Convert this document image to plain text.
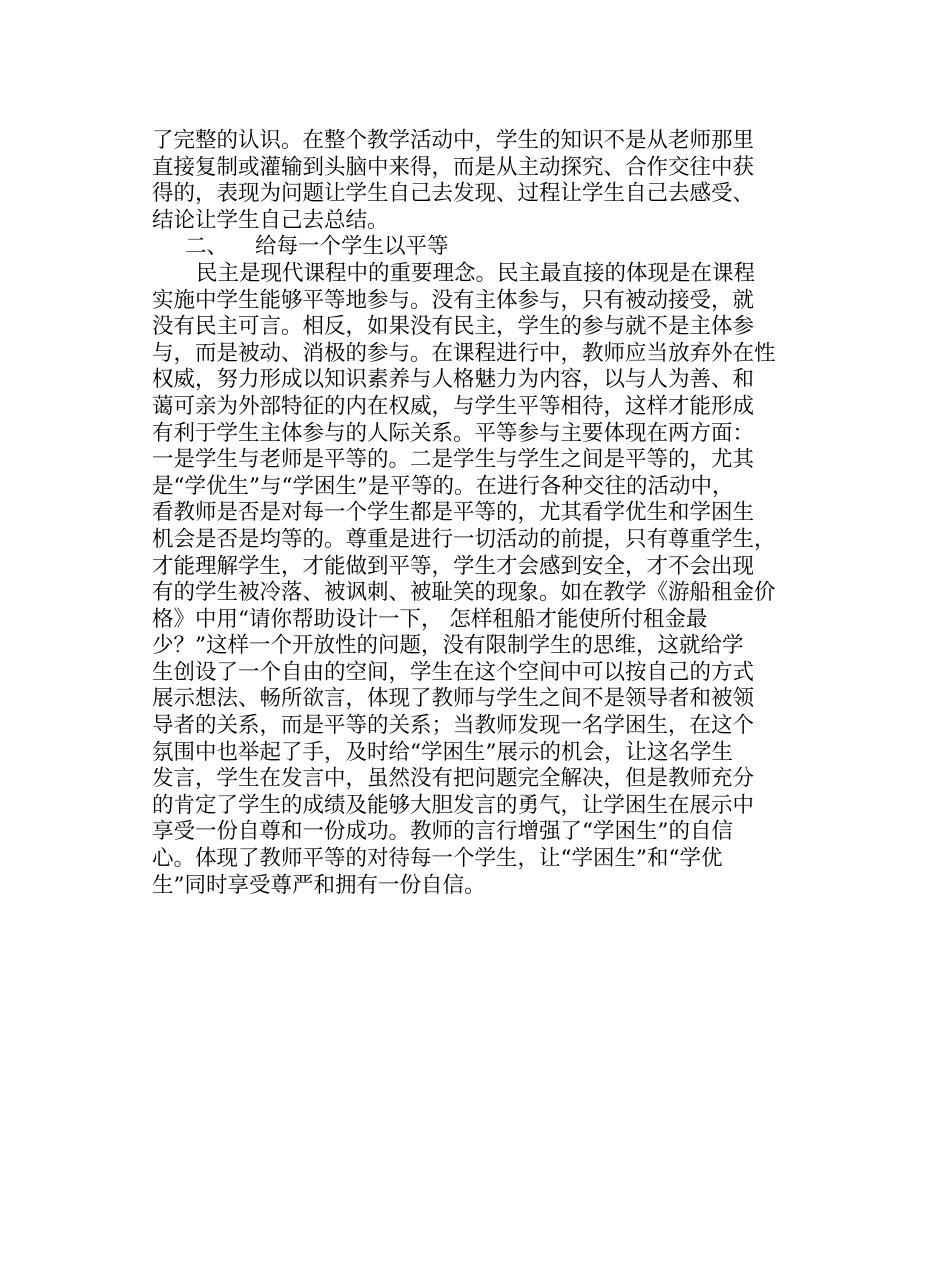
了完整的认识。在整个教学活动中，学生的知识不是从老师那里
直接复制或灌输到头脑中来得，而是从主动探究、合作交往中获
得的，表现为问题让学生自己去发现、过程让学生自己去感受、
结论让学生自己去总结。
二、 给每一个学生以平等
民主是现代课程中的重要理念。民主最直接的体现是在课程
实施中学生能够平等地参与。没有主体参与，只有被动接受，就
没有民主可言。相反，如果没有民主，学生的参与就不是主体参
与，而是被动、消极的参与。在课程进行中，教师应当放弃外在性
权威，努力形成以知识素养与人格魅力为内容，以与人为善、和
蔼可亲为外部特征的内在权威，与学生平等相待，这样才能形成
有利于学生主体参与的人际关系。平等参与主要体现在两方面：
一是学生与老师是平等的。二是学生与学生之间是平等的，尤其
是“学优生”与“学困生”是平等的。在进行各种交往的活动中，
看教师是否是对每一个学生都是平等的，尤其看学优生和学困生
机会是否是均等的。尊重是进行一切活动的前提，只有尊重学生，
才能理解学生，才能做到平等，学生才会感到安全，才不会出现
有的学生被冷落、被讽刺、被耻笑的现象。如在教学《游船租金价
格》中用“请你帮助设计一下， 怎样租船才能使所付租金最
少？”这样一个开放性的问题，没有限制学生的思维，这就给学
生创设了一个自由的空间，学生在这个空间中可以按自己的方式
展示想法、畅所欲言，体现了教师与学生之间不是领导者和被领
导者的关系，而是平等的关系；当教师发现一名学困生，在这个
氛围中也举起了手，及时给“学困生”展示的机会，让这名学生
发言，学生在发言中，虽然没有把问题完全解决，但是教师充分
的肯定了学生的成绩及能够大胆发言的勇气，让学困生在展示中
享受一份自尊和一份成功。教师的言行增强了“学困生”的自信
心。体现了教师平等的对待每一个学生，让“学困生”和“学优
生”同时享受尊严和拥有一份自信。
